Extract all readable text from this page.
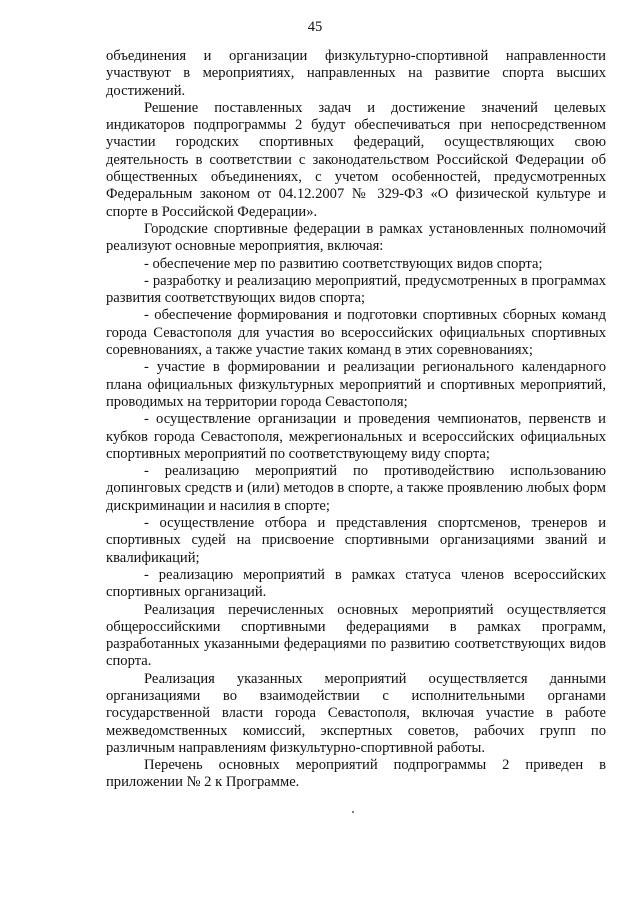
45

объединения и организации физкультурно-спортивной направленности участвуют в мероприятиях, направленных на развитие спорта высших достижений.

Решение поставленных задач и достижение значений целевых индикаторов подпрограммы 2 будут обеспечиваться при непосредственном участии городских спортивных федераций, осуществляющих свою деятельность в соответствии с законодательством Российской Федерации об общественных объединениях, с учетом особенностей, предусмотренных Федеральным законом от 04.12.2007 № 329-ФЗ «О физической культуре и спорте в Российской Федерации».

Городские спортивные федерации в рамках установленных полномочий реализуют основные мероприятия, включая:

- обеспечение мер по развитию соответствующих видов спорта;

- разработку и реализацию мероприятий, предусмотренных в программах развития соответствующих видов спорта;

- обеспечение формирования и подготовки спортивных сборных команд города Севастополя для участия во всероссийских официальных спортивных соревнованиях, а также участие таких команд в этих соревнованиях;

- участие в формировании и реализации регионального календарного плана официальных физкультурных мероприятий и спортивных мероприятий, проводимых на территории города Севастополя;

- осуществление организации и проведения чемпионатов, первенств и кубков города Севастополя, межрегиональных и всероссийских официальных спортивных мероприятий по соответствующему виду спорта;

- реализацию мероприятий по противодействию использованию допинговых средств и (или) методов в спорте, а также проявлению любых форм дискриминации и насилия в спорте;

- осуществление отбора и представления спортсменов, тренеров и спортивных судей на присвоение спортивными организациями званий и квалификаций;

- реализацию мероприятий в рамках статуса членов всероссийских спортивных организаций.

Реализация перечисленных основных мероприятий осуществляется общероссийскими спортивными федерациями в рамках программ, разработанных указанными федерациями по развитию соответствующих видов спорта.

Реализация указанных мероприятий осуществляется данными организациями во взаимодействии с исполнительными органами государственной власти города Севастополя, включая участие в работе межведомственных комиссий, экспертных советов, рабочих групп по различным направлениям физкультурно-спортивной работы.

Перечень основных мероприятий подпрограммы 2 приведен в приложении № 2 к Программе.
